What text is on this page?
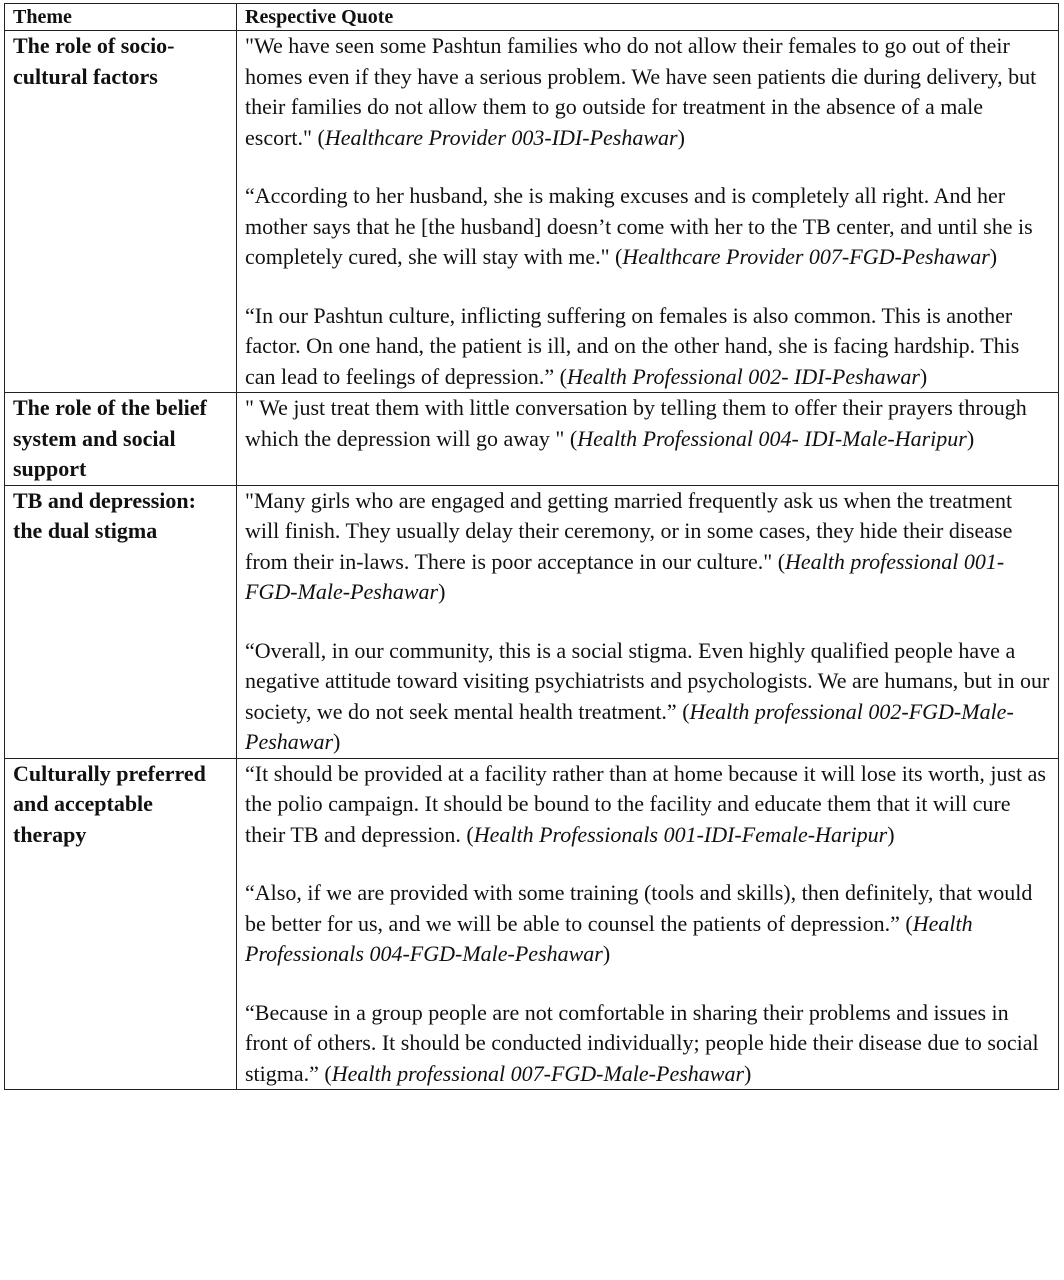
Theme	Respective Quote
The role of socio-cultural factors	"We have seen some Pashtun families who do not allow their females to go out of their homes even if they have a serious problem. We have seen patients die during delivery, but their families do not allow them to go outside for treatment in the absence of a male escort." (Healthcare Provider 003-IDI-Peshawar)

“According to her husband, she is making excuses and is completely all right. And her mother says that he [the husband] doesn’t come with her to the TB center, and until she is completely cured, she will stay with me." (Healthcare Provider 007-FGD-Peshawar)

“In our Pashtun culture, inflicting suffering on females is also common. This is another factor. On one hand, the patient is ill, and on the other hand, she is facing hardship. This can lead to feelings of depression.” (Health Professional 002- IDI-Peshawar)

The role of the belief system and social support	" We just treat them with little conversation by telling them to offer their prayers through which the depression will go away " (Health Professional 004- IDI-Male-Haripur)

TB and depression: the dual stigma	"Many girls who are engaged and getting married frequently ask us when the treatment will finish. They usually delay their ceremony, or in some cases, they hide their disease from their in-laws. There is poor acceptance in our culture." (Health professional 001-FGD-Male-Peshawar)

“Overall, in our community, this is a social stigma. Even highly qualified people have a negative attitude toward visiting psychiatrists and psychologists. We are humans, but in our society, we do not seek mental health treatment.” (Health professional 002-FGD-Male-Peshawar)

Culturally preferred and acceptable therapy	“It should be provided at a facility rather than at home because it will lose its worth, just as the polio campaign. It should be bound to the facility and educate them that it will cure their TB and depression. (Health Professionals 001-IDI-Female-Haripur)

“Also, if we are provided with some training (tools and skills), then definitely, that would be better for us, and we will be able to counsel the patients of depression.” (Health Professionals 004-FGD-Male-Peshawar)

“Because in a group people are not comfortable in sharing their problems and issues in front of others. It should be conducted individually; people hide their disease due to social stigma.” (Health professional 007-FGD-Male-Peshawar)
